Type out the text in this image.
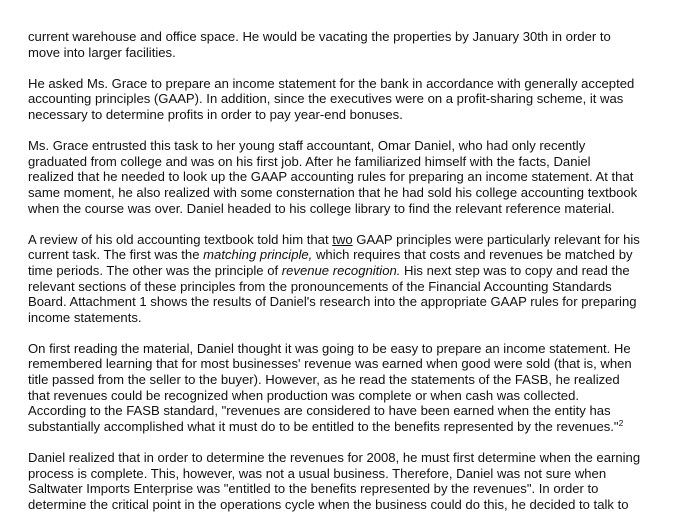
current warehouse and office space. He would be vacating the properties by January 30th in order to
move into larger facilities.

He asked Ms. Grace to prepare an income statement for the bank in accordance with generally accepted
accounting principles (GAAP). In addition, since the executives were on a profit-sharing scheme, it was
necessary to determine profits in order to pay year-end bonuses.

Ms. Grace entrusted this task to her young staff accountant, Omar Daniel, who had only recently
graduated from college and was on his first job. After he familiarized himself with the facts, Daniel
realized that he needed to look up the GAAP accounting rules for preparing an income statement. At that
same moment, he also realized with some consternation that he had sold his college accounting textbook
when the course was over. Daniel headed to his college library to find the relevant reference material.

A review of his old accounting textbook told him that two GAAP principles were particularly relevant for his
current task. The first was the matching principle, which requires that costs and revenues be matched by
time periods. The other was the principle of revenue recognition. His next step was to copy and read the
relevant sections of these principles from the pronouncements of the Financial Accounting Standards
Board. Attachment 1 shows the results of Daniel's research into the appropriate GAAP rules for preparing
income statements.

On first reading the material, Daniel thought it was going to be easy to prepare an income statement. He
remembered learning that for most businesses' revenue was earned when good were sold (that is, when
title passed from the seller to the buyer). However, as he read the statements of the FASB, he realized
that revenues could be recognized when production was complete or when cash was collected.
According to the FASB standard, "revenues are considered to have been earned when the entity has
substantially accomplished what it must do to be entitled to the benefits represented by the revenues."$^2$

Daniel realized that in order to determine the revenues for 2008, he must first determine when the earning
process is complete. This, however, was not a usual business. Therefore, Daniel was not sure when
Saltwater Imports Enterprise was "entitled to the benefits represented by the revenues". In order to
determine the critical point in the operations cycle when the business could do this, he decided to talk to
